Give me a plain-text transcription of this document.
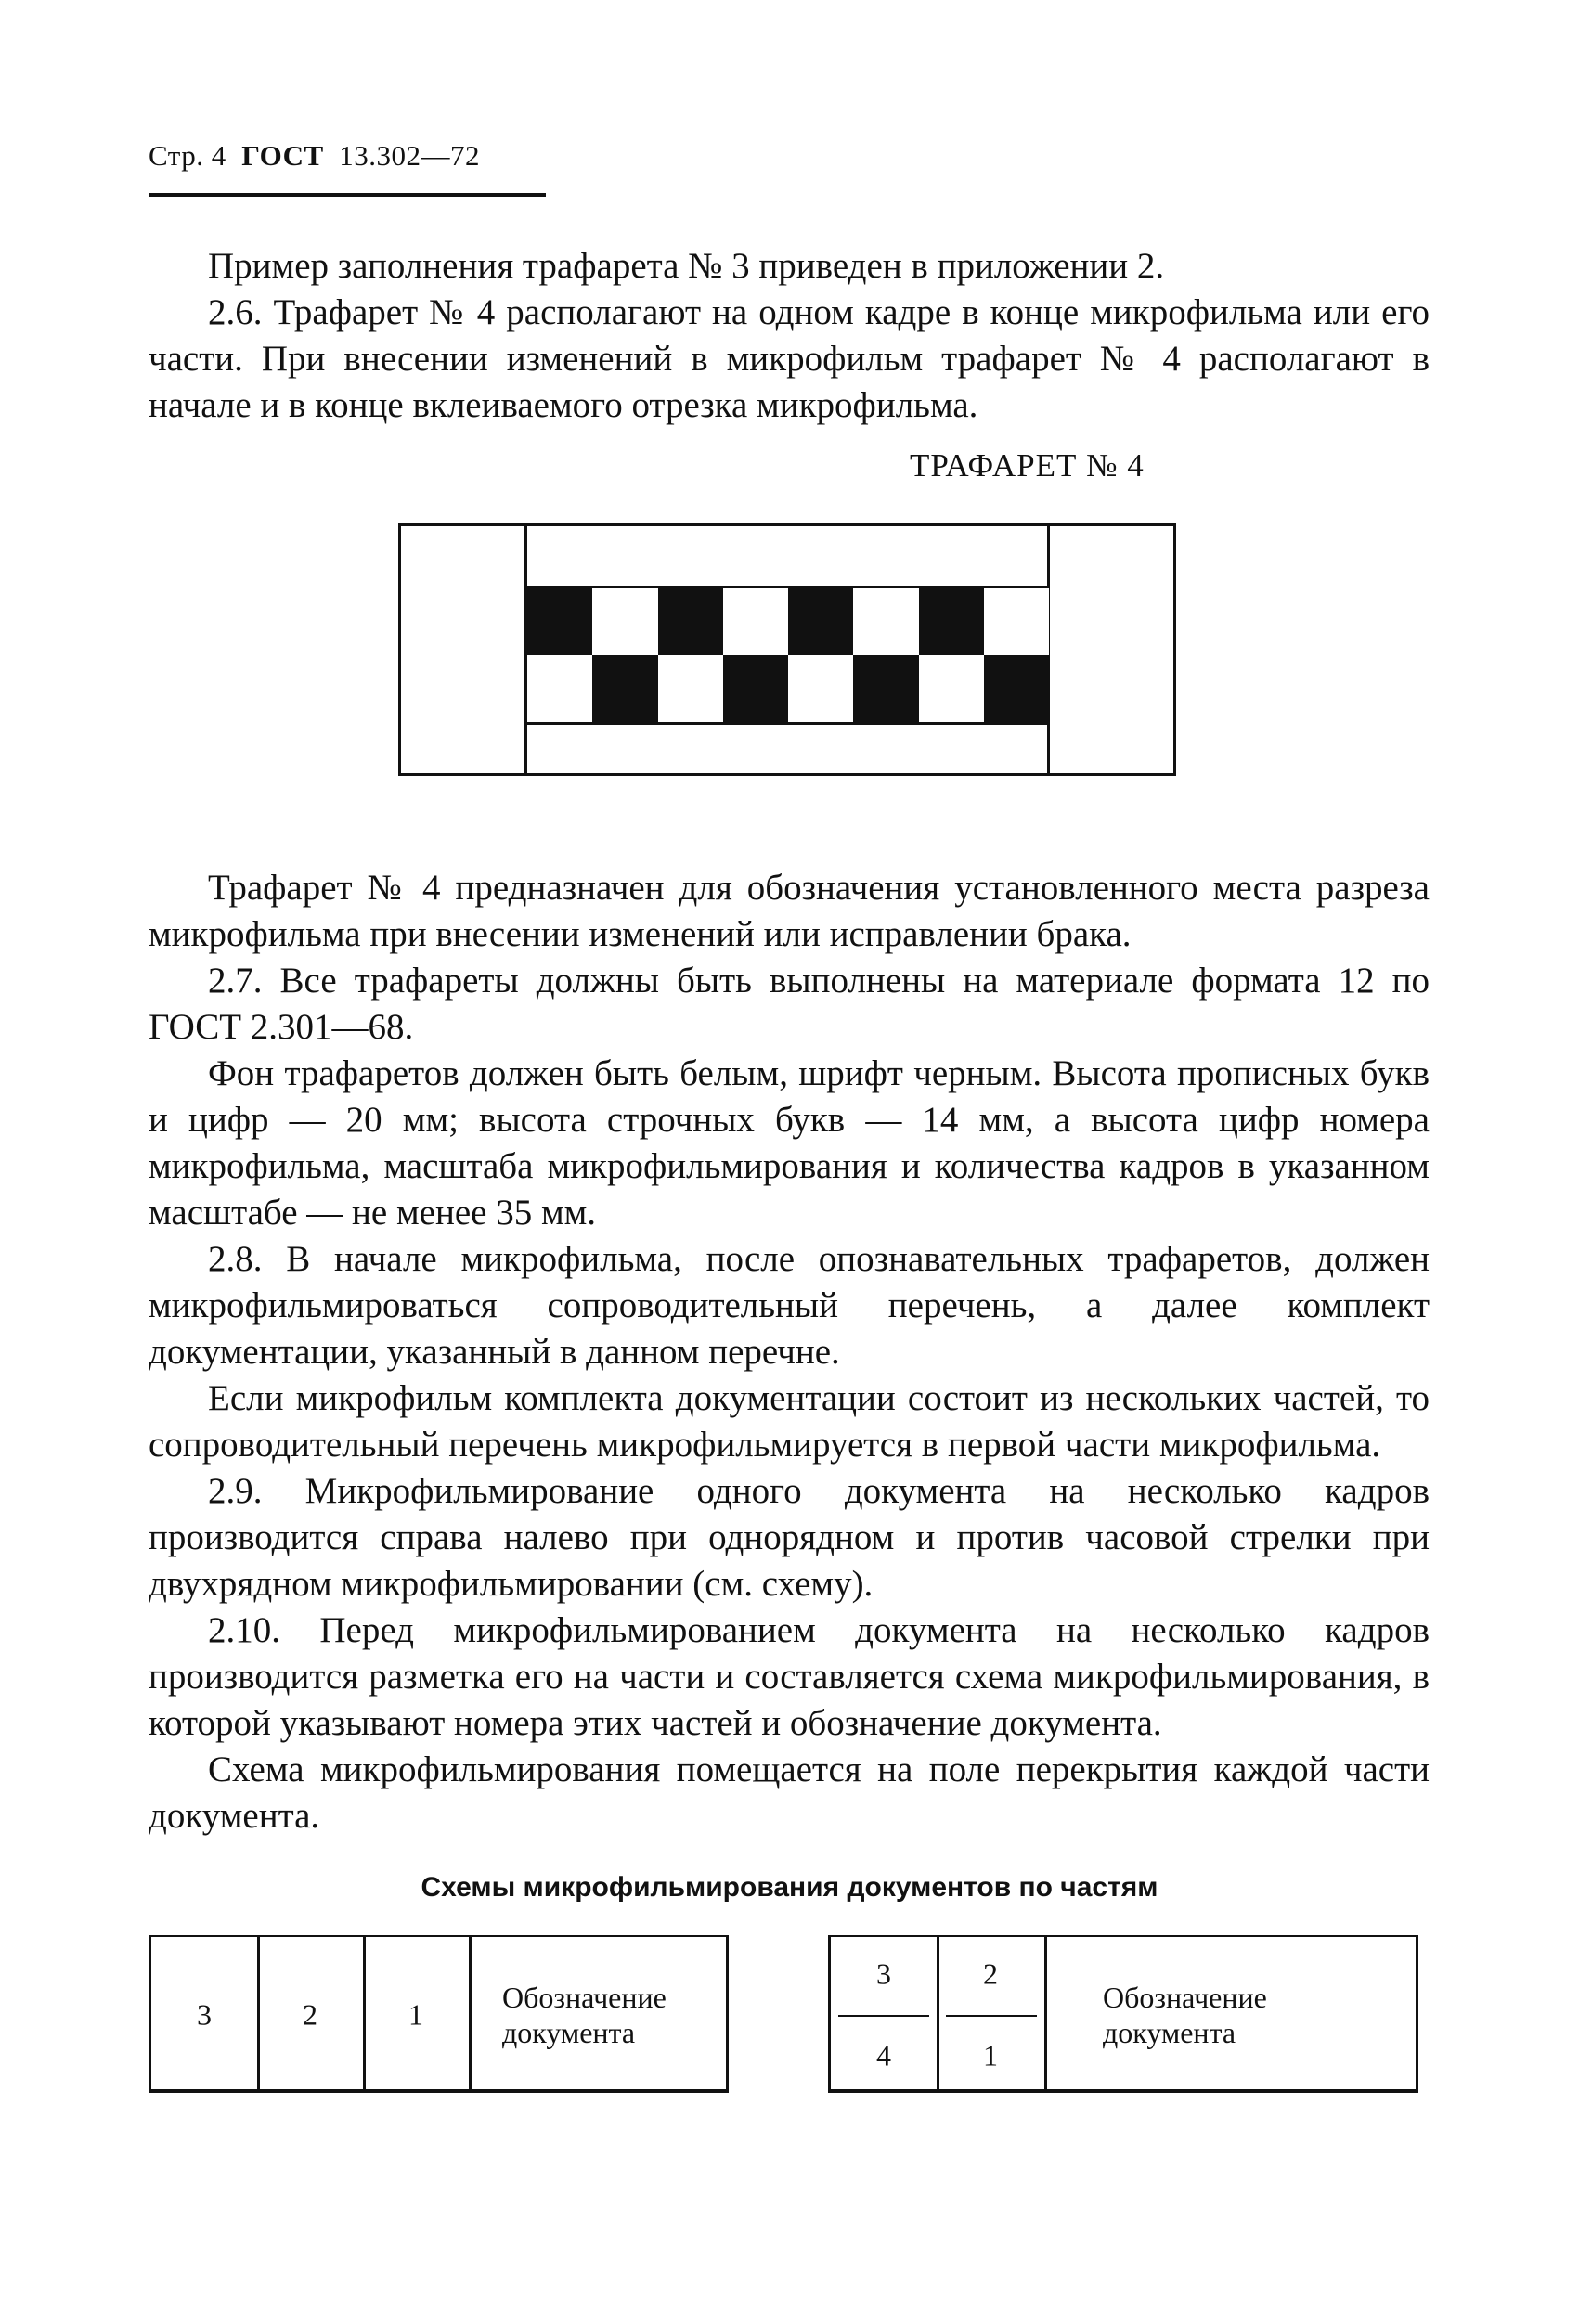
Стр. 4 ГОСТ 13.302—72

Пример заполнения трафарета № 3 приведен в приложении 2.

2.6. Трафарет № 4 располагают на одном кадре в конце микрофильма или его части. При внесении изменений в микрофильм трафарет № 4 располагают в начале и в конце вклеиваемого отрезка микрофильма.

ТРАФАРЕТ № 4

Трафарет № 4 предназначен для обозначения установленного места разреза микрофильма при внесении изменений или исправлении брака.

2.7. Все трафареты должны быть выполнены на материале формата 12 по ГОСТ 2.301—68.

Фон трафаретов должен быть белым, шрифт черным. Высота прописных букв и цифр — 20 мм; высота строчных букв — 14 мм, а высота цифр номера микрофильма, масштаба микрофильмирования и количества кадров в указанном масштабе — не менее 35 мм.

2.8. В начале микрофильма, после опознавательных трафаретов, должен микрофильмироваться сопроводительный перечень, а далее комплект документации, указанный в данном перечне.

Если микрофильм комплекта документации состоит из нескольких частей, то сопроводительный перечень микрофильмируется в первой части микрофильма.

2.9. Микрофильмирование одного документа на несколько кадров производится справа налево при однорядном и против часовой стрелки при двухрядном микрофильмировании (см. схему).

2.10. Перед микрофильмированием документа на несколько кадров производится разметка его на части и составляется схема микрофильмирования, в которой указывают номера этих частей и обозначение документа.

Схема микрофильмирования помещается на поле перекрытия каждой части документа.

Схемы микрофильмирования документов по частям
3	2	1
Обозначение
документа
3	2
4	1
Обозначение
документа
